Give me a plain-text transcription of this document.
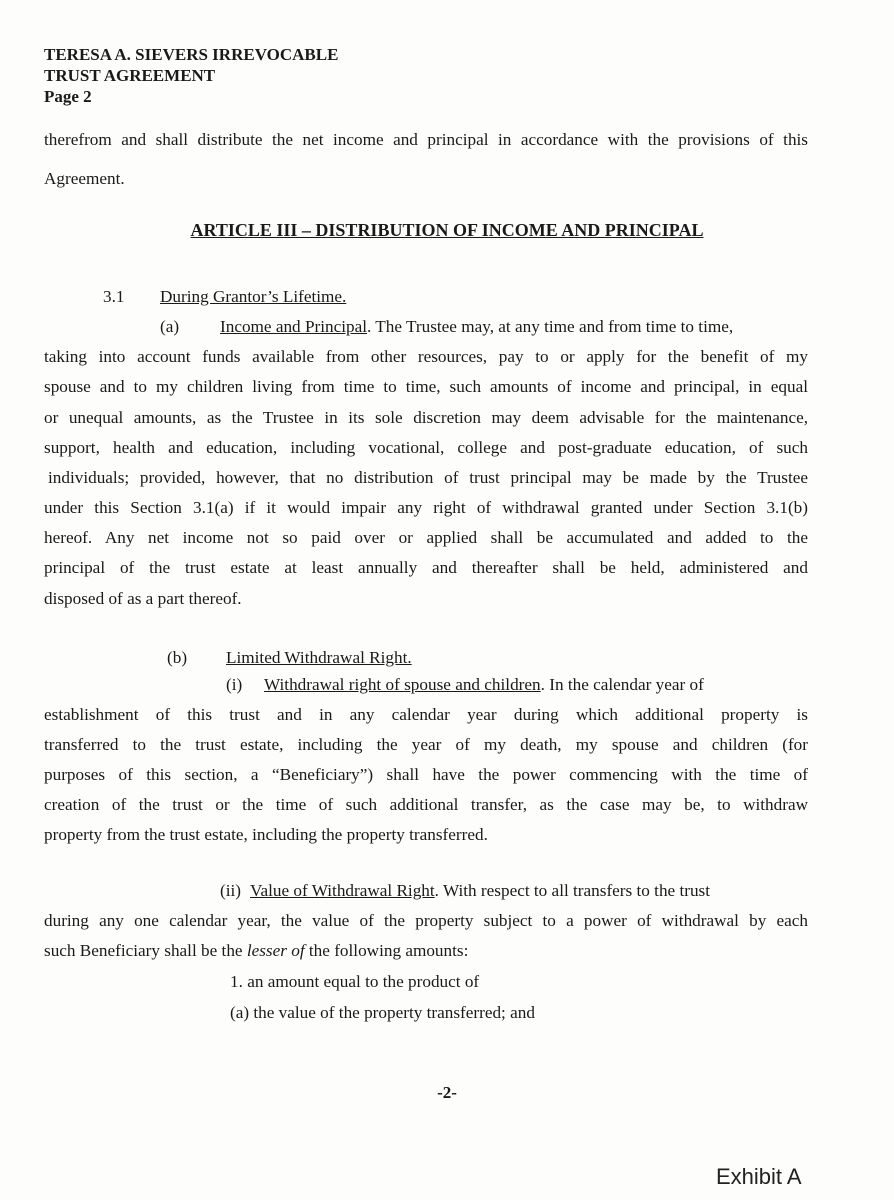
TERESA A. SIEVERS IRREVOCABLE
TRUST AGREEMENT
Page 2
therefrom and shall distribute the net income and principal in accordance with the provisions of this
Agreement.
ARTICLE III – DISTRIBUTION OF INCOME AND PRINCIPAL
3.1 During Grantor’s Lifetime.
(a) Income and Principal. The Trustee may, at any time and from time to time,
taking into account funds available from other resources, pay to or apply for the benefit of my
spouse and to my children living from time to time, such amounts of income and principal, in equal
or unequal amounts, as the Trustee in its sole discretion may deem advisable for the maintenance,
support, health and education, including vocational, college and post-graduate education, of such
individuals; provided, however, that no distribution of trust principal may be made by the Trustee
under this Section 3.1(a) if it would impair any right of withdrawal granted under Section 3.1(b)
hereof. Any net income not so paid over or applied shall be accumulated and added to the
principal of the trust estate at least annually and thereafter shall be held, administered and
disposed of as a part thereof.
(b) Limited Withdrawal Right.
(i) Withdrawal right of spouse and children. In the calendar year of
establishment of this trust and in any calendar year during which additional property is
transferred to the trust estate, including the year of my death, my spouse and children (for
purposes of this section, a “Beneficiary”) shall have the power commencing with the time of
creation of the trust or the time of such additional transfer, as the case may be, to withdraw
property from the trust estate, including the property transferred.
(ii) Value of Withdrawal Right. With respect to all transfers to the trust
during any one calendar year, the value of the property subject to a power of withdrawal by each
such Beneficiary shall be the lesser of the following amounts:
1. an amount equal to the product of
(a) the value of the property transferred; and
-2-
Exhibit A
